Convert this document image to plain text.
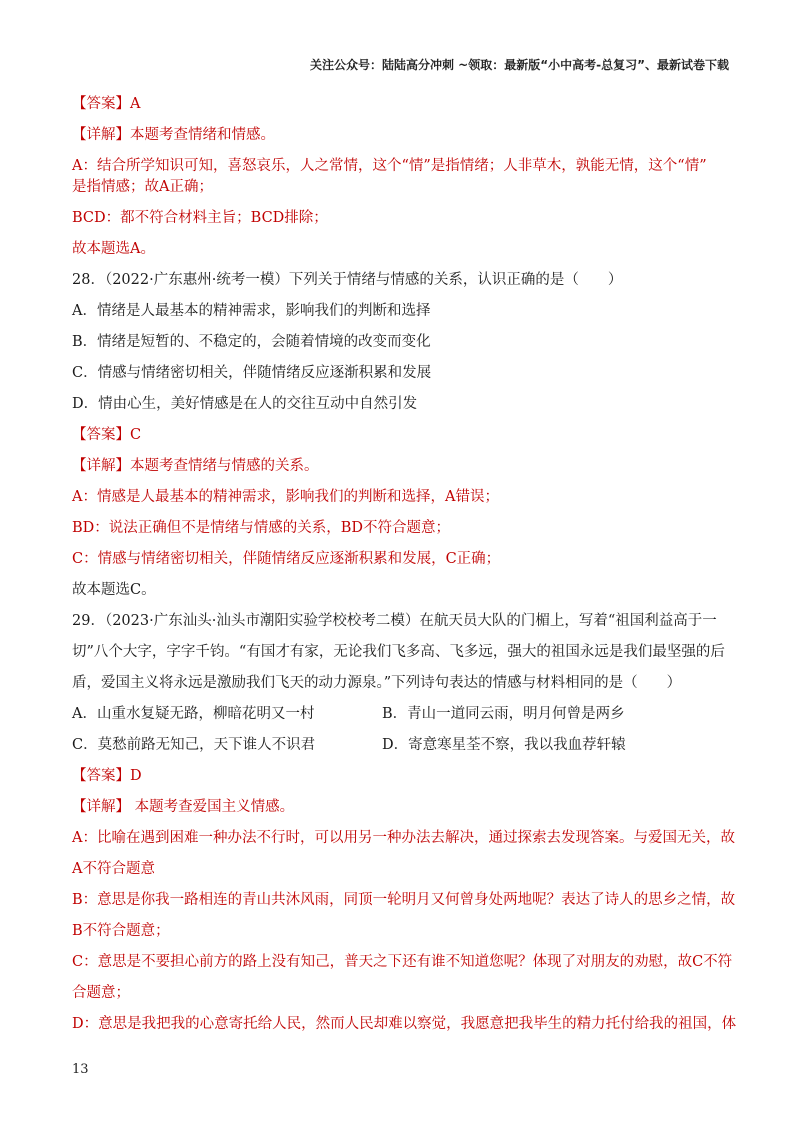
关注公众号：陆陆高分冲刺 ~领取：最新版“小中高考-总复习”、最新试卷下载
【答案】A
【详解】本题考查情绪和情感。
A：结合所学知识可知，喜怒哀乐，人之常情，这个“情”是指情绪；人非草木，孰能无情，这个“情”
是指情感；故A正确；
BCD：都不符合材料主旨；BCD排除；
故本题选A。
28．（2022·广东惠州·统考一模）下列关于情绪与情感的关系，认识正确的是（　　）
A．情绪是人最基本的精神需求，影响我们的判断和选择
B．情绪是短暂的、不稳定的，会随着情境的改变而变化
C．情感与情绪密切相关，伴随情绪反应逐渐积累和发展
D．情由心生，美好情感是在人的交往互动中自然引发
【答案】C
【详解】本题考查情绪与情感的关系。
A：情感是人最基本的精神需求，影响我们的判断和选择，A错误；
BD：说法正确但不是情绪与情感的关系，BD不符合题意；
C：情感与情绪密切相关，伴随情绪反应逐渐积累和发展，C正确；
故本题选C。
29．（2023·广东汕头·汕头市潮阳实验学校校考二模）在航天员大队的门楣上，写着“祖国利益高于一
切”八个大字，字字千钧。“有国才有家，无论我们飞多高、飞多远，强大的祖国永远是我们最坚强的后
盾，爱国主义将永远是激励我们飞天的动力源泉。”下列诗句表达的情感与材料相同的是（　　）
A．山重水复疑无路，柳暗花明又一村	B．青山一道同云雨，明月何曾是两乡
C．莫愁前路无知己，天下谁人不识君	D．寄意寒星荃不察，我以我血荐轩辕
【答案】D
【详解】 本题考查爱国主义情感。
A：比喻在遇到困难一种办法不行时，可以用另一种办法去解决，通过探索去发现答案。与爱国无关，故
A不符合题意
B：意思是你我一路相连的青山共沐风雨，同顶一轮明月又何曾身处两地呢？表达了诗人的思乡之情，故
B不符合题意；
C：意思是不要担心前方的路上没有知己，普天之下还有谁不知道您呢？体现了对朋友的劝慰，故C不符
合题意；
D：意思是我把我的心意寄托给人民，然而人民却难以察觉，我愿意把我毕生的精力托付给我的祖国，体
13
